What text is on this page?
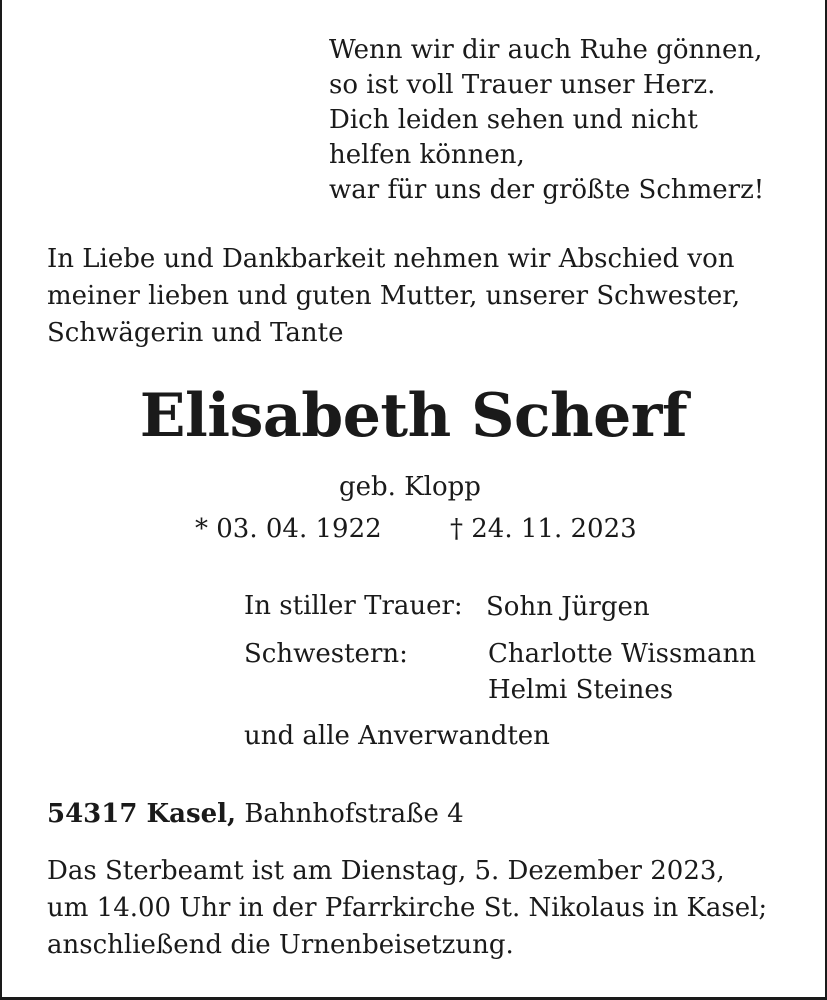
Wenn wir dir auch Ruhe gönnen,
so ist voll Trauer unser Herz.
Dich leiden sehen und nicht
helfen können,
war für uns der größte Schmerz!
In Liebe und Dankbarkeit nehmen wir Abschied von
meiner lieben und guten Mutter, unserer Schwester,
Schwägerin und Tante
Elisabeth Scherf
geb. Klopp
* 03. 04. 1922	† 24. 11. 2023
In stiller Trauer: Sohn Jürgen
Schwestern:	Charlotte Wissmann
Helmi Steines
und alle Anverwandten
54317 Kasel, Bahnhofstraße 4
Das Sterbeamt ist am Dienstag, 5. Dezember 2023,
um 14.00 Uhr in der Pfarrkirche St. Nikolaus in Kasel;
anschließend die Urnenbeisetzung.
